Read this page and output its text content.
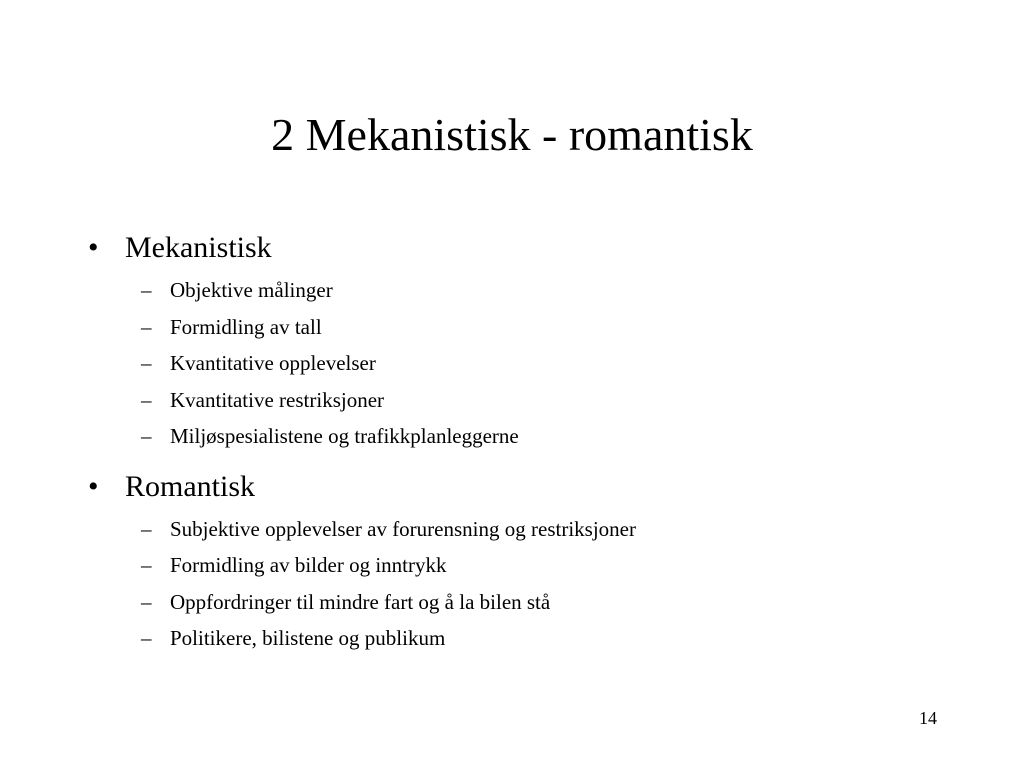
2 Mekanistisk - romantisk
• Mekanistisk
– Objektive målinger
– Formidling av tall
– Kvantitative opplevelser
– Kvantitative restriksjoner
– Miljøspesialistene og trafikkplanleggerne
• Romantisk
– Subjektive opplevelser av forurensning og restriksjoner
– Formidling av bilder og inntrykk
– Oppfordringer til mindre fart og å la bilen stå
– Politikere, bilistene og publikum
14
